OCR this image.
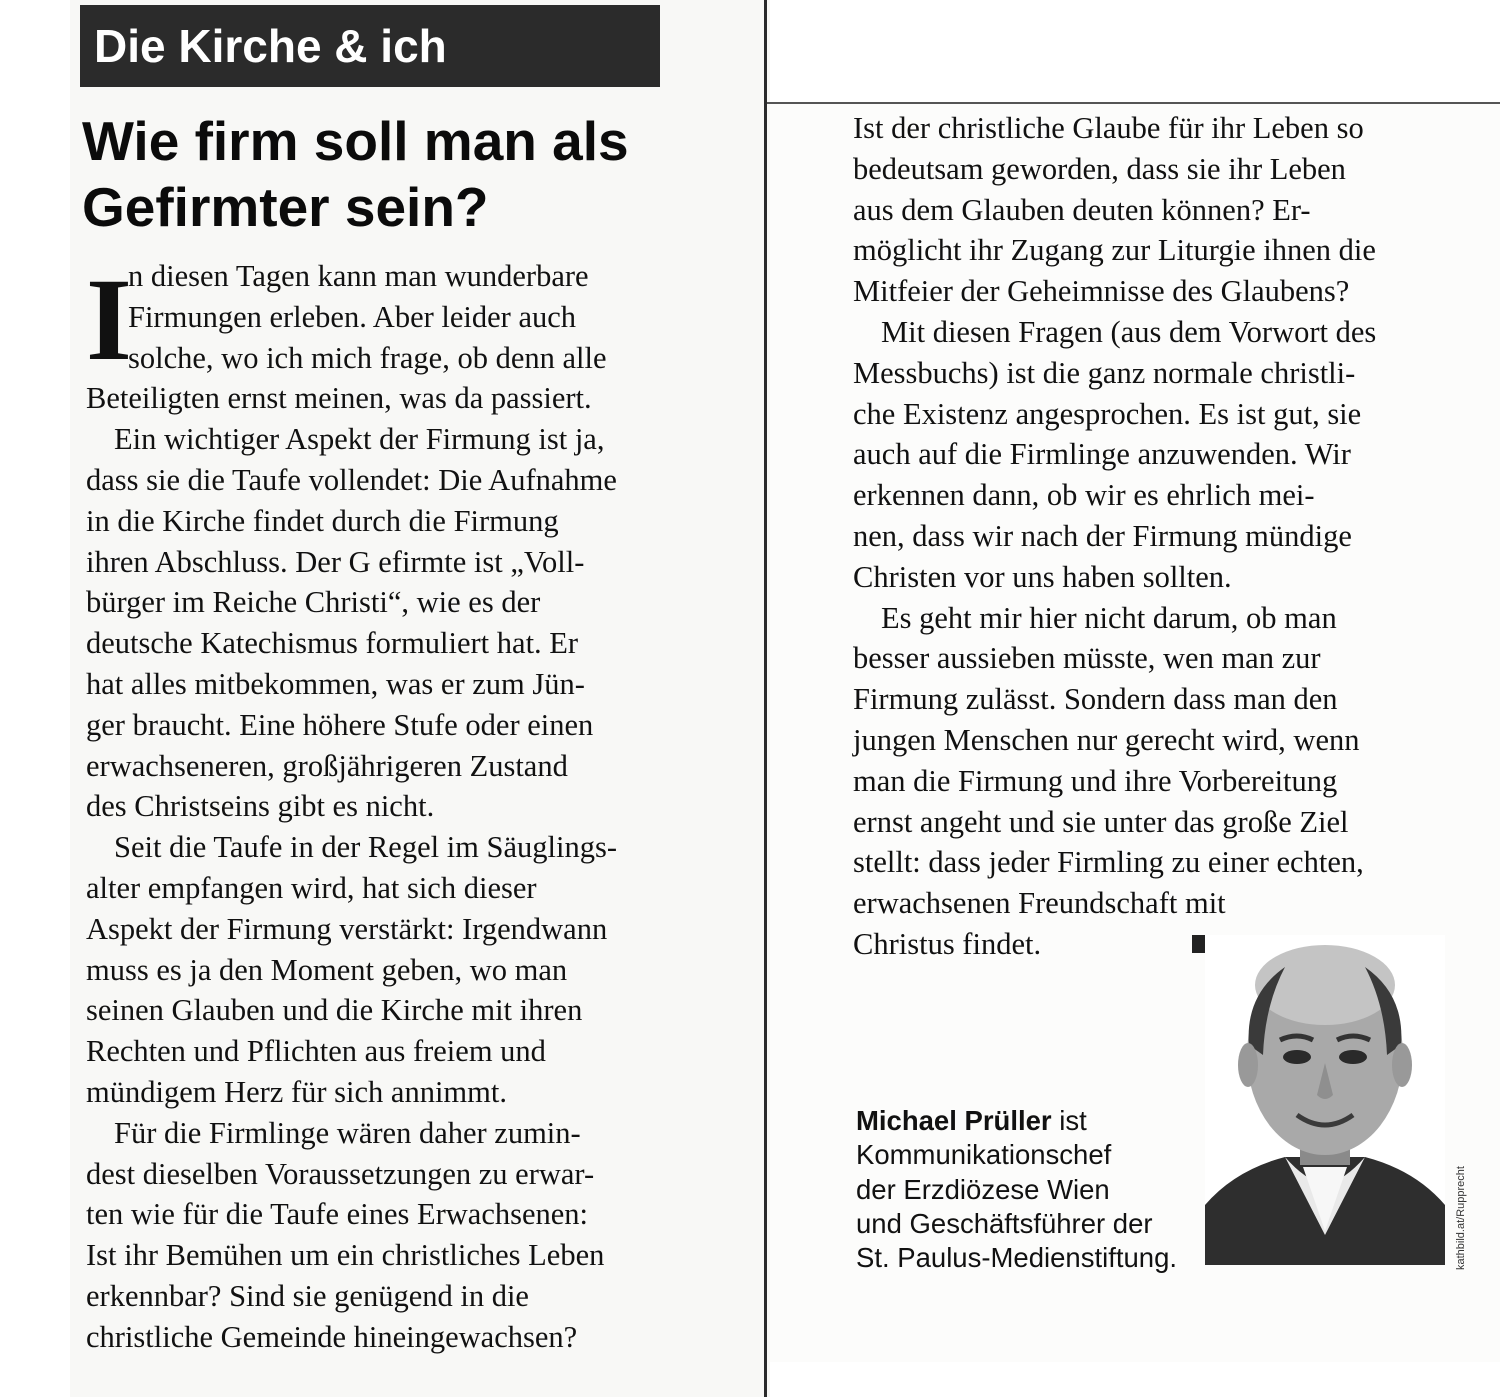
Die Kirche & ich
Wie firm soll man als
Gefirmter sein?
I
n diesen Tagen kann man wunderbare
Firmungen erleben. Aber leider auch
solche, wo ich mich frage, ob denn alle
Beteiligten ernst meinen, was da passiert.
Ein wichtiger Aspekt der Firmung ist ja,
dass sie die Taufe vollendet: Die Aufnahme
in die Kirche findet durch die Firmung
ihren Abschluss. Der G efirmte ist „Voll-
bürger im Reiche Christi“, wie es der
deutsche Katechismus formuliert hat. Er
hat alles mitbekommen, was er zum Jün-
ger braucht. Eine höhere Stufe oder einen
erwachseneren, großjährigeren Zustand
des Christseins gibt es nicht.
Seit die Taufe in der Regel im Säuglings-
alter empfangen wird, hat sich dieser
Aspekt der Firmung verstärkt: Irgendwann
muss es ja den Moment geben, wo man
seinen Glauben und die Kirche mit ihren
Rechten und Pflichten aus freiem und
mündigem Herz für sich annimmt.
Für die Firmlinge wären daher zumin-
dest dieselben Voraussetzungen zu erwar-
ten wie für die Taufe eines Erwachsenen:
Ist ihr Bemühen um ein christliches Leben
erkennbar? Sind sie genügend in die
christliche Gemeinde hineingewachsen?
Ist der christliche Glaube für ihr Leben so
bedeutsam geworden, dass sie ihr Leben
aus dem Glauben deuten können? Er-
möglicht ihr Zugang zur Liturgie ihnen die
Mitfeier der Geheimnisse des Glaubens?
Mit diesen Fragen (aus dem Vorwort des
Messbuchs) ist die ganz normale christli-
che Existenz angesprochen. Es ist gut, sie
auch auf die Firmlinge anzuwenden. Wir
erkennen dann, ob wir es ehrlich mei-
nen, dass wir nach der Firmung mündige
Christen vor uns haben sollten.
Es geht mir hier nicht darum, ob man
besser aussieben müsste, wen man zur
Firmung zulässt. Sondern dass man den
jungen Menschen nur gerecht wird, wenn
man die Firmung und ihre Vorbereitung
ernst angeht und sie unter das große Ziel
stellt: dass jeder Firmling zu einer echten,
erwachsenen Freundschaft mit
Christus findet.
Michael Prüller ist
Kommunikationschef
der Erzdiözese Wien
und Geschäftsführer der
St. Paulus-Medienstiftung.	kathbild.at/Rupprecht
